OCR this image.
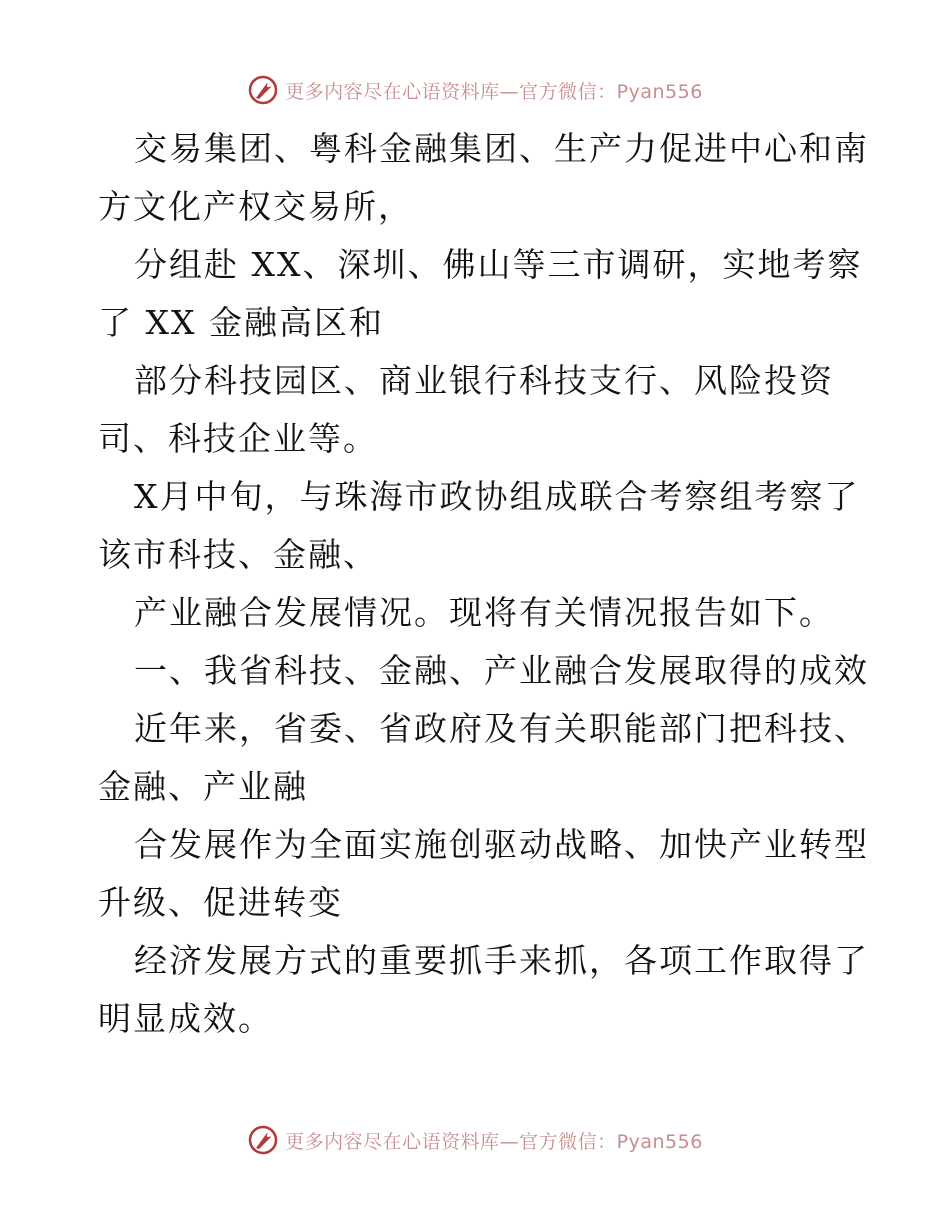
更多内容尽在心语资料库—官方微信：Pyan556
交易集团、粤科金融集团、生产力促进中心和南
方文化产权交易所，
分组赴 XX、深圳、佛山等三市调研，实地考察
了 XX 金融高区和
部分科技园区、商业银行科技支行、风险投资
司、科技企业等。
X月中旬，与珠海市政协组成联合考察组考察了
该市科技、金融、
产业融合发展情况。现将有关情况报告如下。
一、我省科技、金融、产业融合发展取得的成效
近年来，省委、省政府及有关职能部门把科技、
金融、产业融
合发展作为全面实施创驱动战略、加快产业转型
升级、促进转变
经济发展方式的重要抓手来抓，各项工作取得了
明显成效。
更多内容尽在心语资料库—官方微信：Pyan556
